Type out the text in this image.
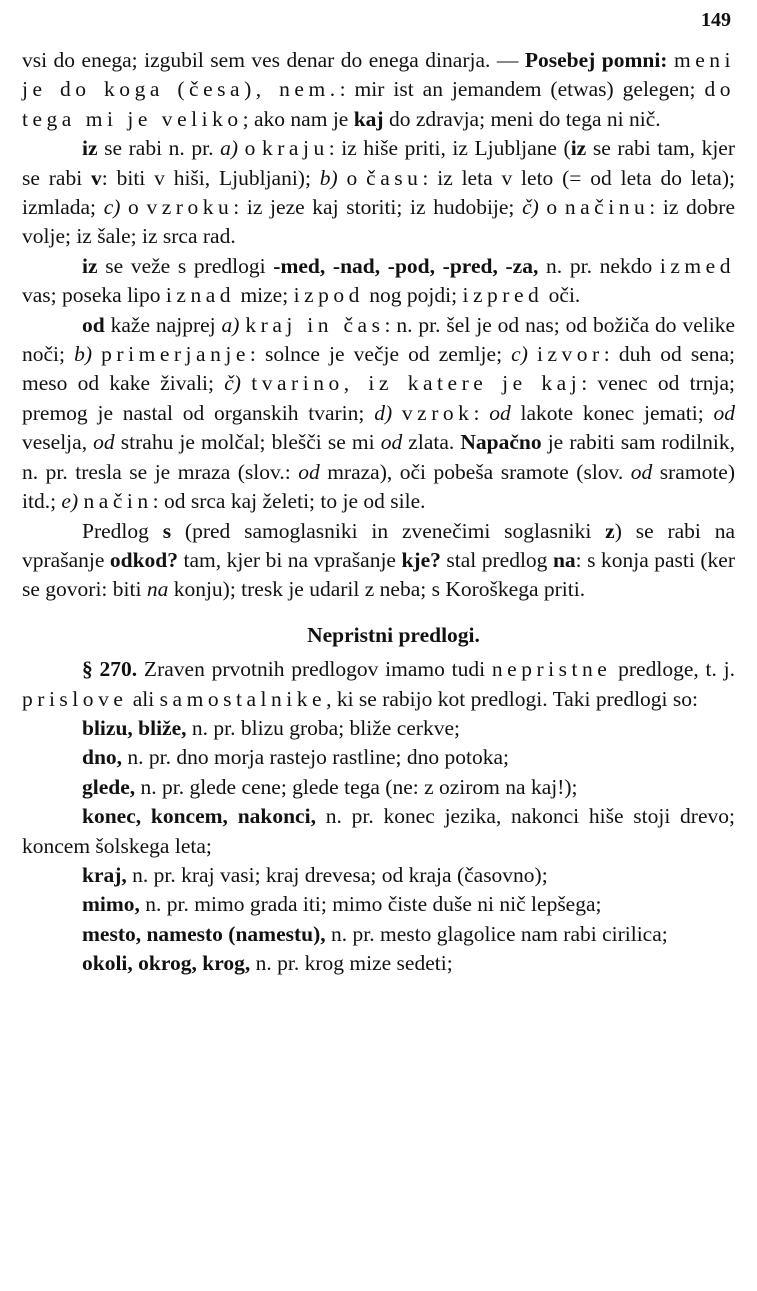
149

vsi do enega; izgubil sem ves denar do enega dinarja. — Posebej pomni: meni je do koga (česa), nem.: mir ist an jemandem (etwas) gelegen; do tega mi je veliko; ako nam je kaj do zdravja; meni do tega ni nič.

iz se rabi n. pr. a) o kraju: iz hiše priti, iz Ljubljane (iz se rabi tam, kjer se rabi v: biti v hiši, Ljubljani); b) o času: iz leta v leto (= od leta do leta); izmlada; c) o vzroku: iz jeze kaj storiti; iz hudobije; č) o načinu: iz dobre volje; iz šale; iz srca rad.

iz se veže s predlogi -med, -nad, -pod, -pred, -za, n. pr. nekdo izmed vas; poseka lipo iznad mize; izpod nog pojdi; izpred oči.

od kaže najprej a) kraj in čas: n. pr. šel je od nas; od božiča do velike noči; b) primerjanje: solnce je večje od zemlje; c) izvor: duh od sena; meso od kake živali; č) tvarino, iz katere je kaj: venec od trnja; premog je nastal od organskih tvarin; d) vzrok: od lakote konec jemati; od veselja, od strahu je molčal; blešči se mi od zlata. Napačno je rabiti sam rodilnik, n. pr. tresla se je mraza (slov.: od mraza), oči pobeša sramote (slov. od sramote) itd.; e) način: od srca kaj želeti; to je od sile.

Predlog s (pred samoglasniki in zvenečimi soglasniki z) se rabi na vprašanje odkod? tam, kjer bi na vprašanje kje? stal predlog na: s konja pasti (ker se govori: biti na konju); tresk je udaril z neba; s Koroškega priti.

Nepristni predlogi.

§ 270. Zraven prvotnih predlogov imamo tudi nepristne predloge, t. j. prislove ali samostalnike, ki se rabijo kot predlogi. Taki predlogi so:

blizu, bliže, n. pr. blizu groba; bliže cerkve;

dno, n. pr. dno morja rastejo rastline; dno potoka;

glede, n. pr. glede cene; glede tega (ne: z ozirom na kaj!);

konec, koncem, nakonci, n. pr. konec jezika, nakonci hiše stoji drevo; koncem šolskega leta;

kraj, n. pr. kraj vasi; kraj drevesa; od kraja (časovno);

mimo, n. pr. mimo grada iti; mimo čiste duše ni nič lepšega;

mesto, namesto (namestu), n. pr. mesto glagolice nam rabi cirilica;

okoli, okrog, krog, n. pr. krog mize sedeti;
